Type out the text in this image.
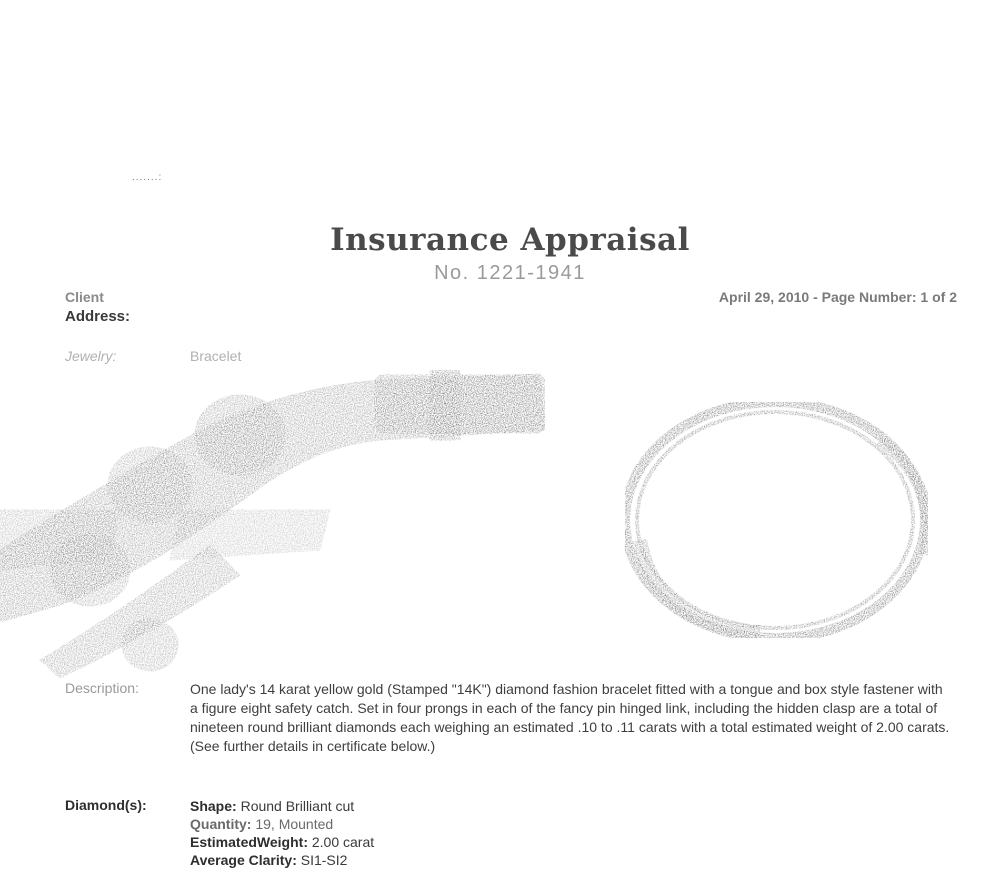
.......:
Insurance Appraisal
No. 1221-1941
Client
Address:
April 29, 2010 - Page Number: 1 of 2
Jewelry:	Bracelet
Description:	One lady's 14 karat yellow gold (Stamped "14K") diamond fashion bracelet fitted with a tongue and box style fastener with a figure eight safety catch. Set in four prongs in each of the fancy pin hinged link, including the hidden clasp are a total of nineteen round brilliant diamonds each weighing an estimated .10 to .11 carats with a total estimated weight of 2.00 carats. (See further details in certificate below.)

Diamond(s):	Shape: Round Brilliant cut
Quantity: 19, Mounted
EstimatedWeight: 2.00 carat
Average Clarity: SI1-SI2
